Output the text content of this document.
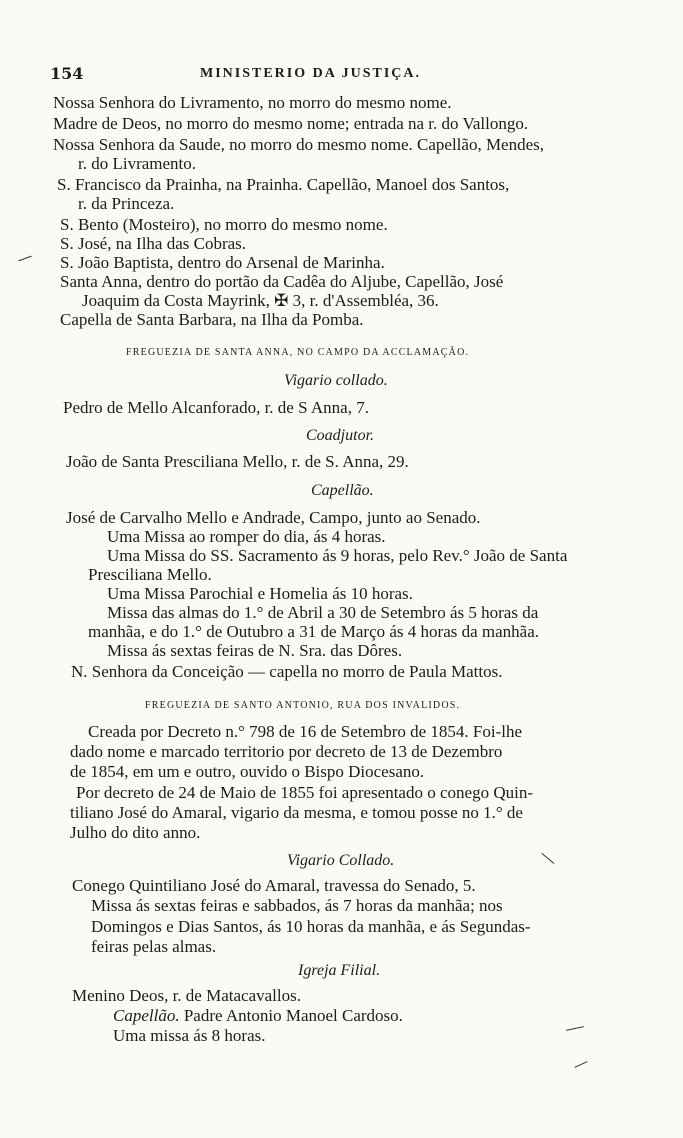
154	MINISTERIO DA JUSTIÇA.
Nossa Senhora do Livramento, no morro do mesmo nome.
Madre de Deos, no morro do mesmo nome; entrada na r. do Vallongo.
Nossa Senhora da Saude, no morro do mesmo nome. Capellão, Mendes,
r. do Livramento.
S. Francisco da Prainha, na Prainha. Capellão, Manoel dos Santos,
r. da Princeza.
S. Bento (Mosteiro), no morro do mesmo nome.
S. José, na Ilha das Cobras.
S. João Baptista, dentro do Arsenal de Marinha.
Santa Anna, dentro do portão da Cadêa do Aljube, Capellão, José
Joaquim da Costa Mayrink, ✠ 3, r. d'Assembléa, 36.
Capella de Santa Barbara, na Ilha da Pomba.
FREGUEZIA DE SANTA ANNA, NO CAMPO DA ACCLAMAÇÃO.
Vigario collado.
Pedro de Mello Alcanforado, r. de S Anna, 7.
Coadjutor.
João de Santa Presciliana Mello, r. de S. Anna, 29.
Capellão.
José de Carvalho Mello e Andrade, Campo, junto ao Senado.
Uma Missa ao romper do dia, ás 4 horas.
Uma Missa do SS. Sacramento ás 9 horas, pelo Rev.° João de Santa
Presciliana Mello.
Uma Missa Parochial e Homelia ás 10 horas.
Missa das almas do 1.° de Abril a 30 de Setembro ás 5 horas da
manhãa, e do 1.° de Outubro a 31 de Março ás 4 horas da manhãa.
Missa ás sextas feiras de N. Sra. das Dôres.
N. Senhora da Conceição — capella no morro de Paula Mattos.
FREGUEZIA DE SANTO ANTONIO, RUA DOS INVALIDOS.
Creada por Decreto n.° 798 de 16 de Setembro de 1854. Foi-lhe
dado nome e marcado territorio por decreto de 13 de Dezembro
de 1854, em um e outro, ouvido o Bispo Diocesano.
Por decreto de 24 de Maio de 1855 foi apresentado o conego Quin-
tiliano José do Amaral, vigario da mesma, e tomou posse no 1.° de
Julho do dito anno.
Vigario Collado.
Conego Quintiliano José do Amaral, travessa do Senado, 5.
Missa ás sextas feiras e sabbados, ás 7 horas da manhãa; nos
Domingos e Dias Santos, ás 10 horas da manhãa, e ás Segundas-
feiras pelas almas.
Igreja Filial.
Menino Deos, r. de Matacavallos.
Capellão. Padre Antonio Manoel Cardoso.
Uma missa ás 8 horas.
